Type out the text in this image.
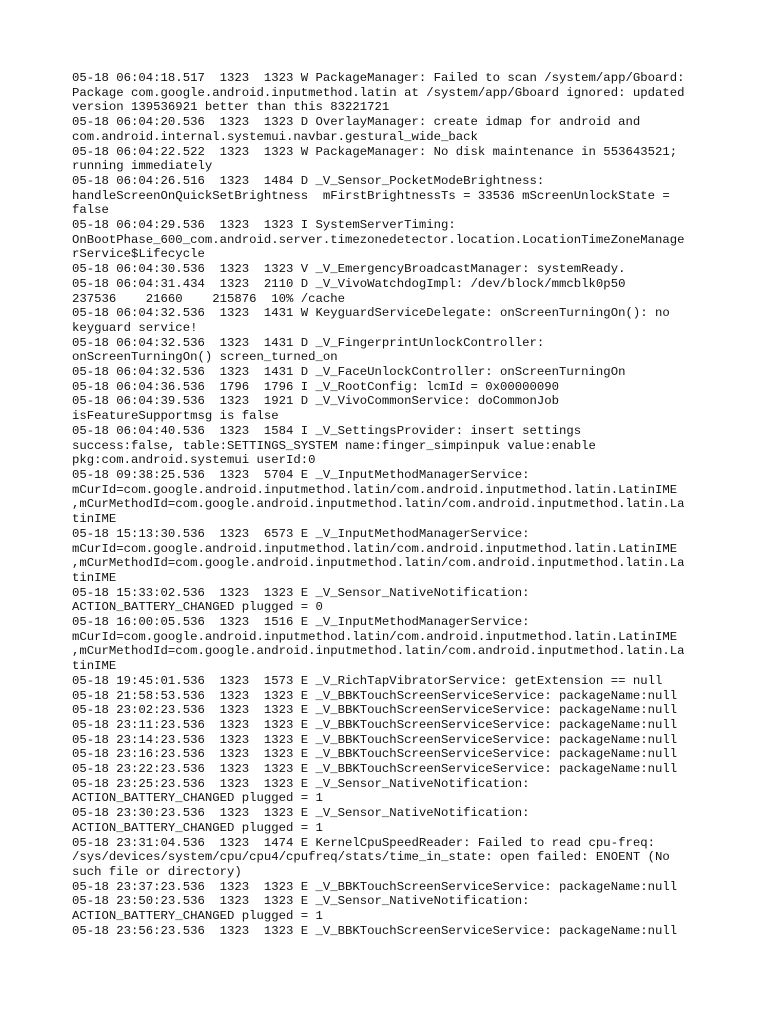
05-18 06:04:18.517  1323  1323 W PackageManager: Failed to scan /system/app/Gboard:
Package com.google.android.inputmethod.latin at /system/app/Gboard ignored: updated
version 139536921 better than this 83221721
05-18 06:04:20.536  1323  1323 D OverlayManager: create idmap for android and
com.android.internal.systemui.navbar.gestural_wide_back
05-18 06:04:22.522  1323  1323 W PackageManager: No disk maintenance in 553643521;
running immediately
05-18 06:04:26.516  1323  1484 D _V_Sensor_PocketModeBrightness:
handleScreenOnQuickSetBrightness  mFirstBrightnessTs = 33536 mScreenUnlockState =
false
05-18 06:04:29.536  1323  1323 I SystemServerTiming:
OnBootPhase_600_com.android.server.timezonedetector.location.LocationTimeZoneManage
rService$Lifecycle
05-18 06:04:30.536  1323  1323 V _V_EmergencyBroadcastManager: systemReady.
05-18 06:04:31.434  1323  2110 D _V_VivoWatchdogImpl: /dev/block/mmcblk0p50
237536    21660    215876  10% /cache
05-18 06:04:32.536  1323  1431 W KeyguardServiceDelegate: onScreenTurningOn(): no
keyguard service!
05-18 06:04:32.536  1323  1431 D _V_FingerprintUnlockController:
onScreenTurningOn() screen_turned_on
05-18 06:04:32.536  1323  1431 D _V_FaceUnlockController: onScreenTurningOn
05-18 06:04:36.536  1796  1796 I _V_RootConfig: lcmId = 0x00000090
05-18 06:04:39.536  1323  1921 D _V_VivoCommonService: doCommonJob
isFeatureSupportmsg is false
05-18 06:04:40.536  1323  1584 I _V_SettingsProvider: insert settings
success:false, table:SETTINGS_SYSTEM name:finger_simpinpuk value:enable
pkg:com.android.systemui userId:0
05-18 09:38:25.536  1323  5704 E _V_InputMethodManagerService:
mCurId=com.google.android.inputmethod.latin/com.android.inputmethod.latin.LatinIME
,mCurMethodId=com.google.android.inputmethod.latin/com.android.inputmethod.latin.La
tinIME
05-18 15:13:30.536  1323  6573 E _V_InputMethodManagerService:
mCurId=com.google.android.inputmethod.latin/com.android.inputmethod.latin.LatinIME
,mCurMethodId=com.google.android.inputmethod.latin/com.android.inputmethod.latin.La
tinIME
05-18 15:33:02.536  1323  1323 E _V_Sensor_NativeNotification:
ACTION_BATTERY_CHANGED plugged = 0
05-18 16:00:05.536  1323  1516 E _V_InputMethodManagerService:
mCurId=com.google.android.inputmethod.latin/com.android.inputmethod.latin.LatinIME
,mCurMethodId=com.google.android.inputmethod.latin/com.android.inputmethod.latin.La
tinIME
05-18 19:45:01.536  1323  1573 E _V_RichTapVibratorService: getExtension == null
05-18 21:58:53.536  1323  1323 E _V_BBKTouchScreenServiceService: packageName:null
05-18 23:02:23.536  1323  1323 E _V_BBKTouchScreenServiceService: packageName:null
05-18 23:11:23.536  1323  1323 E _V_BBKTouchScreenServiceService: packageName:null
05-18 23:14:23.536  1323  1323 E _V_BBKTouchScreenServiceService: packageName:null
05-18 23:16:23.536  1323  1323 E _V_BBKTouchScreenServiceService: packageName:null
05-18 23:22:23.536  1323  1323 E _V_BBKTouchScreenServiceService: packageName:null
05-18 23:25:23.536  1323  1323 E _V_Sensor_NativeNotification:
ACTION_BATTERY_CHANGED plugged = 1
05-18 23:30:23.536  1323  1323 E _V_Sensor_NativeNotification:
ACTION_BATTERY_CHANGED plugged = 1
05-18 23:31:04.536  1323  1474 E KernelCpuSpeedReader: Failed to read cpu-freq:
/sys/devices/system/cpu/cpu4/cpufreq/stats/time_in_state: open failed: ENOENT (No
such file or directory)
05-18 23:37:23.536  1323  1323 E _V_BBKTouchScreenServiceService: packageName:null
05-18 23:50:23.536  1323  1323 E _V_Sensor_NativeNotification:
ACTION_BATTERY_CHANGED plugged = 1
05-18 23:56:23.536  1323  1323 E _V_BBKTouchScreenServiceService: packageName:null
